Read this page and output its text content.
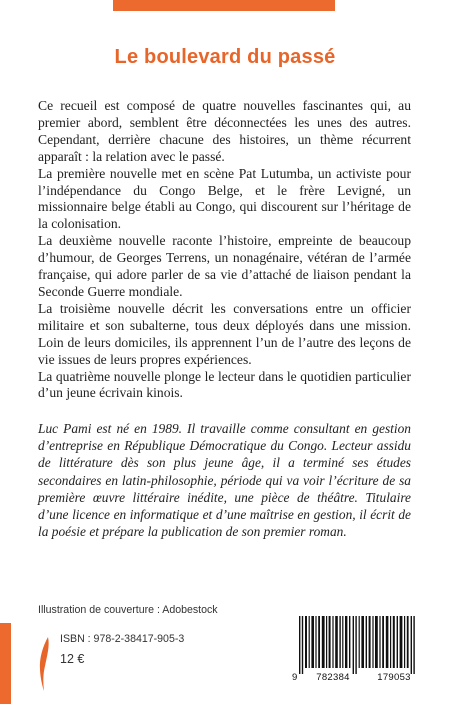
Le boulevard du passé

Ce recueil est composé de quatre nouvelles fascinantes qui, au premier abord, semblent être déconnectées les unes des autres. Cependant, derrière chacune des histoires, un thème récurrent apparaît : la relation avec le passé.

La première nouvelle met en scène Pat Lutumba, un activiste pour l’indépendance du Congo Belge, et le frère Levigné, un missionnaire belge établi au Congo, qui discourent sur l’héritage de la colonisation.

La deuxième nouvelle raconte l’histoire, empreinte de beaucoup d’humour, de Georges Terrens, un nonagénaire, vétéran de l’armée française, qui adore parler de sa vie d’attaché de liaison pendant la Seconde Guerre mondiale.

La troisième nouvelle décrit les conversations entre un officier militaire et son subalterne, tous deux déployés dans une mission. Loin de leurs domiciles, ils apprennent l’un de l’autre des leçons de vie issues de leurs propres expériences.

La quatrième nouvelle plonge le lecteur dans le quotidien particulier d’un jeune écrivain kinois.

Luc Pami est né en 1989. Il travaille comme consultant en gestion d’entreprise en République Démocratique du Congo. Lecteur assidu de littérature dès son plus jeune âge, il a terminé ses études secondaires en latin-philosophie, période qui va voir l’écriture de sa première œuvre littéraire inédite, une pièce de théâtre. Titulaire d’une licence en informatique et d’une maîtrise en gestion, il écrit de la poésie et prépare la publication de son premier roman.

Illustration de couverture : Adobestock
ISBN : 978-2-38417-905-3
12 €
9	782384	179053
